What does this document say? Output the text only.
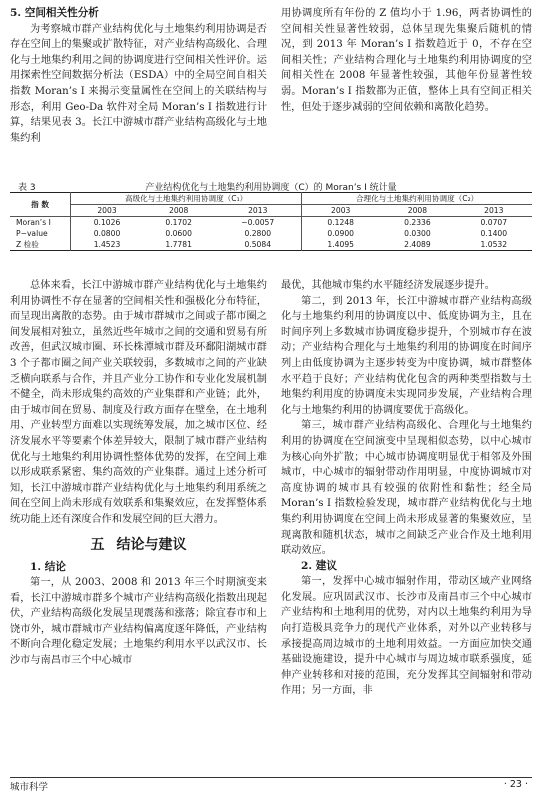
5. 空间相关性分析

为考察城市群产业结构优化与土地集约利用协调是否存在空间上的集聚或扩散特征，对产业结构高级化、合理化与土地集约利用之间的协调度进行空间相关性评价。运用探索性空间数据分析法（ESDA）中的全局空间自相关指数 Moran’s I 来揭示变量属性在空间上的关联结构与形态，利用 Geo-Da 软件对全局 Moran’s I 指数进行计算，结果见表 3。长江中游城市群产业结构高级化与土地集约利

用协调度所有年份的 Z 值均小于 1.96，两者协调性的空间相关性显著性较弱，总体呈现先集聚后随机的情况，到 2013 年 Moran’s I 指数趋近于 0，不存在空间相关性；产业结构合理化与土地集约利用协调度的空间相关性在 2008 年显著性较强，其他年份显著性较弱。Moran’s I 指数都为正值，整体上具有空间正相关性，但处于逐步减弱的空间依赖和离散化趋势。

表 3	产业结构优化与土地集约利用协调度（C）的 Moran’s I 统计量
指 数	高级化与土地集约利用协调度（C₁）			合理化与土地集约利用协调度（C₂）		
	2003	2008	2013	2003	2008	2013
Moran’s I	0.1026	0.1702	−0.0057	0.1248	0.2336	0.0707
P−value	0.0800	0.0600	0.2800	0.0900	0.0300	0.1400
Z 检验	1.4523	1.7781	0.5084	1.4095	2.4089	1.0532

总体来看，长江中游城市群产业结构优化与土地集约利用协调性不存在显著的空间相关性和强极化分布特征，而呈现出离散的态势。由于城市群城市之间或子都市圈之间发展相对独立，虽然近些年城市之间的交通和贸易有所改善，但武汉城市圈、环长株潭城市群及环鄱阳湖城市群 3 个子都市圈之间产业关联较弱，多数城市之间的产业缺乏横向联系与合作，并且产业分工协作和专业化发展机制不健全，尚未形成集约高效的产业集群和产业链；此外，由于城市间在贸易、制度及行政方面存在壁垒，在土地利用、产业转型方面难以实现统筹发展，加之城市区位、经济发展水平等要素个体差异较大，限制了城市群产业结构优化与土地集约利用协调性整体优势的发挥，在空间上难以形成联系紧密、集约高效的产业集群。通过上述分析可知，长江中游城市群产业结构优化与土地集约利用系统之间在空间上尚未形成有效联系和集聚效应，在发挥整体系统功能上还有深度合作和发展空间的巨大潜力。

五 结论与建议

1. 结论

第一，从 2003、2008 和 2013 年三个时期演变来看，长江中游城市群多个城市产业结构高级化指数出现起伏，产业结构高级化发展呈现震荡和涨落；除宜春市和上饶市外，城市群城市产业结构偏离度逐年降低，产业结构不断向合理化稳定发展；土地集约利用水平以武汉市、长沙市与南昌市三个中心城市

最优，其他城市集约水平随经济发展逐步提升。

第二，到 2013 年，长江中游城市群产业结构高级化与土地集约利用的协调度以中、低度协调为主，且在时间序列上多数城市协调度稳步提升，个别城市存在波动；产业结构合理化与土地集约利用的协调度在时间序列上由低度协调为主逐步转变为中度协调，城市群整体水平趋于良好；产业结构优化包含的两种类型指数与土地集约利用度的协调度未实现同步发展，产业结构合理化与土地集约利用的协调度要优于高级化。

第三，城市群产业结构高级化、合理化与土地集约利用的协调度在空间演变中呈现相似态势，以中心城市为核心向外扩散；中心城市协调度明显优于相邻及外围城市，中心城市的辐射带动作用明显，中度协调城市对高度协调的城市具有较强的依附性和黏性；经全局 Moran’s I 指数检验发现，城市群产业结构优化与土地集约利用协调度在空间上尚未形成显著的集聚效应，呈现离散和随机状态，城市之间缺乏产业合作及土地利用联动效应。

2. 建议

第一，发挥中心城市辐射作用，带动区域产业网络化发展。应巩固武汉市、长沙市及南昌市三个中心城市产业结构和土地利用的优势，对内以土地集约利用为导向打造极具竞争力的现代产业体系，对外以产业转移与承接提高周边城市的土地利用效益。一方面应加快交通基础设施建设，提升中心城市与周边城市联系强度，延伸产业转移和对接的范围，充分发挥其空间辐射和带动作用；另一方面，非

城市科学	· 23 ·
